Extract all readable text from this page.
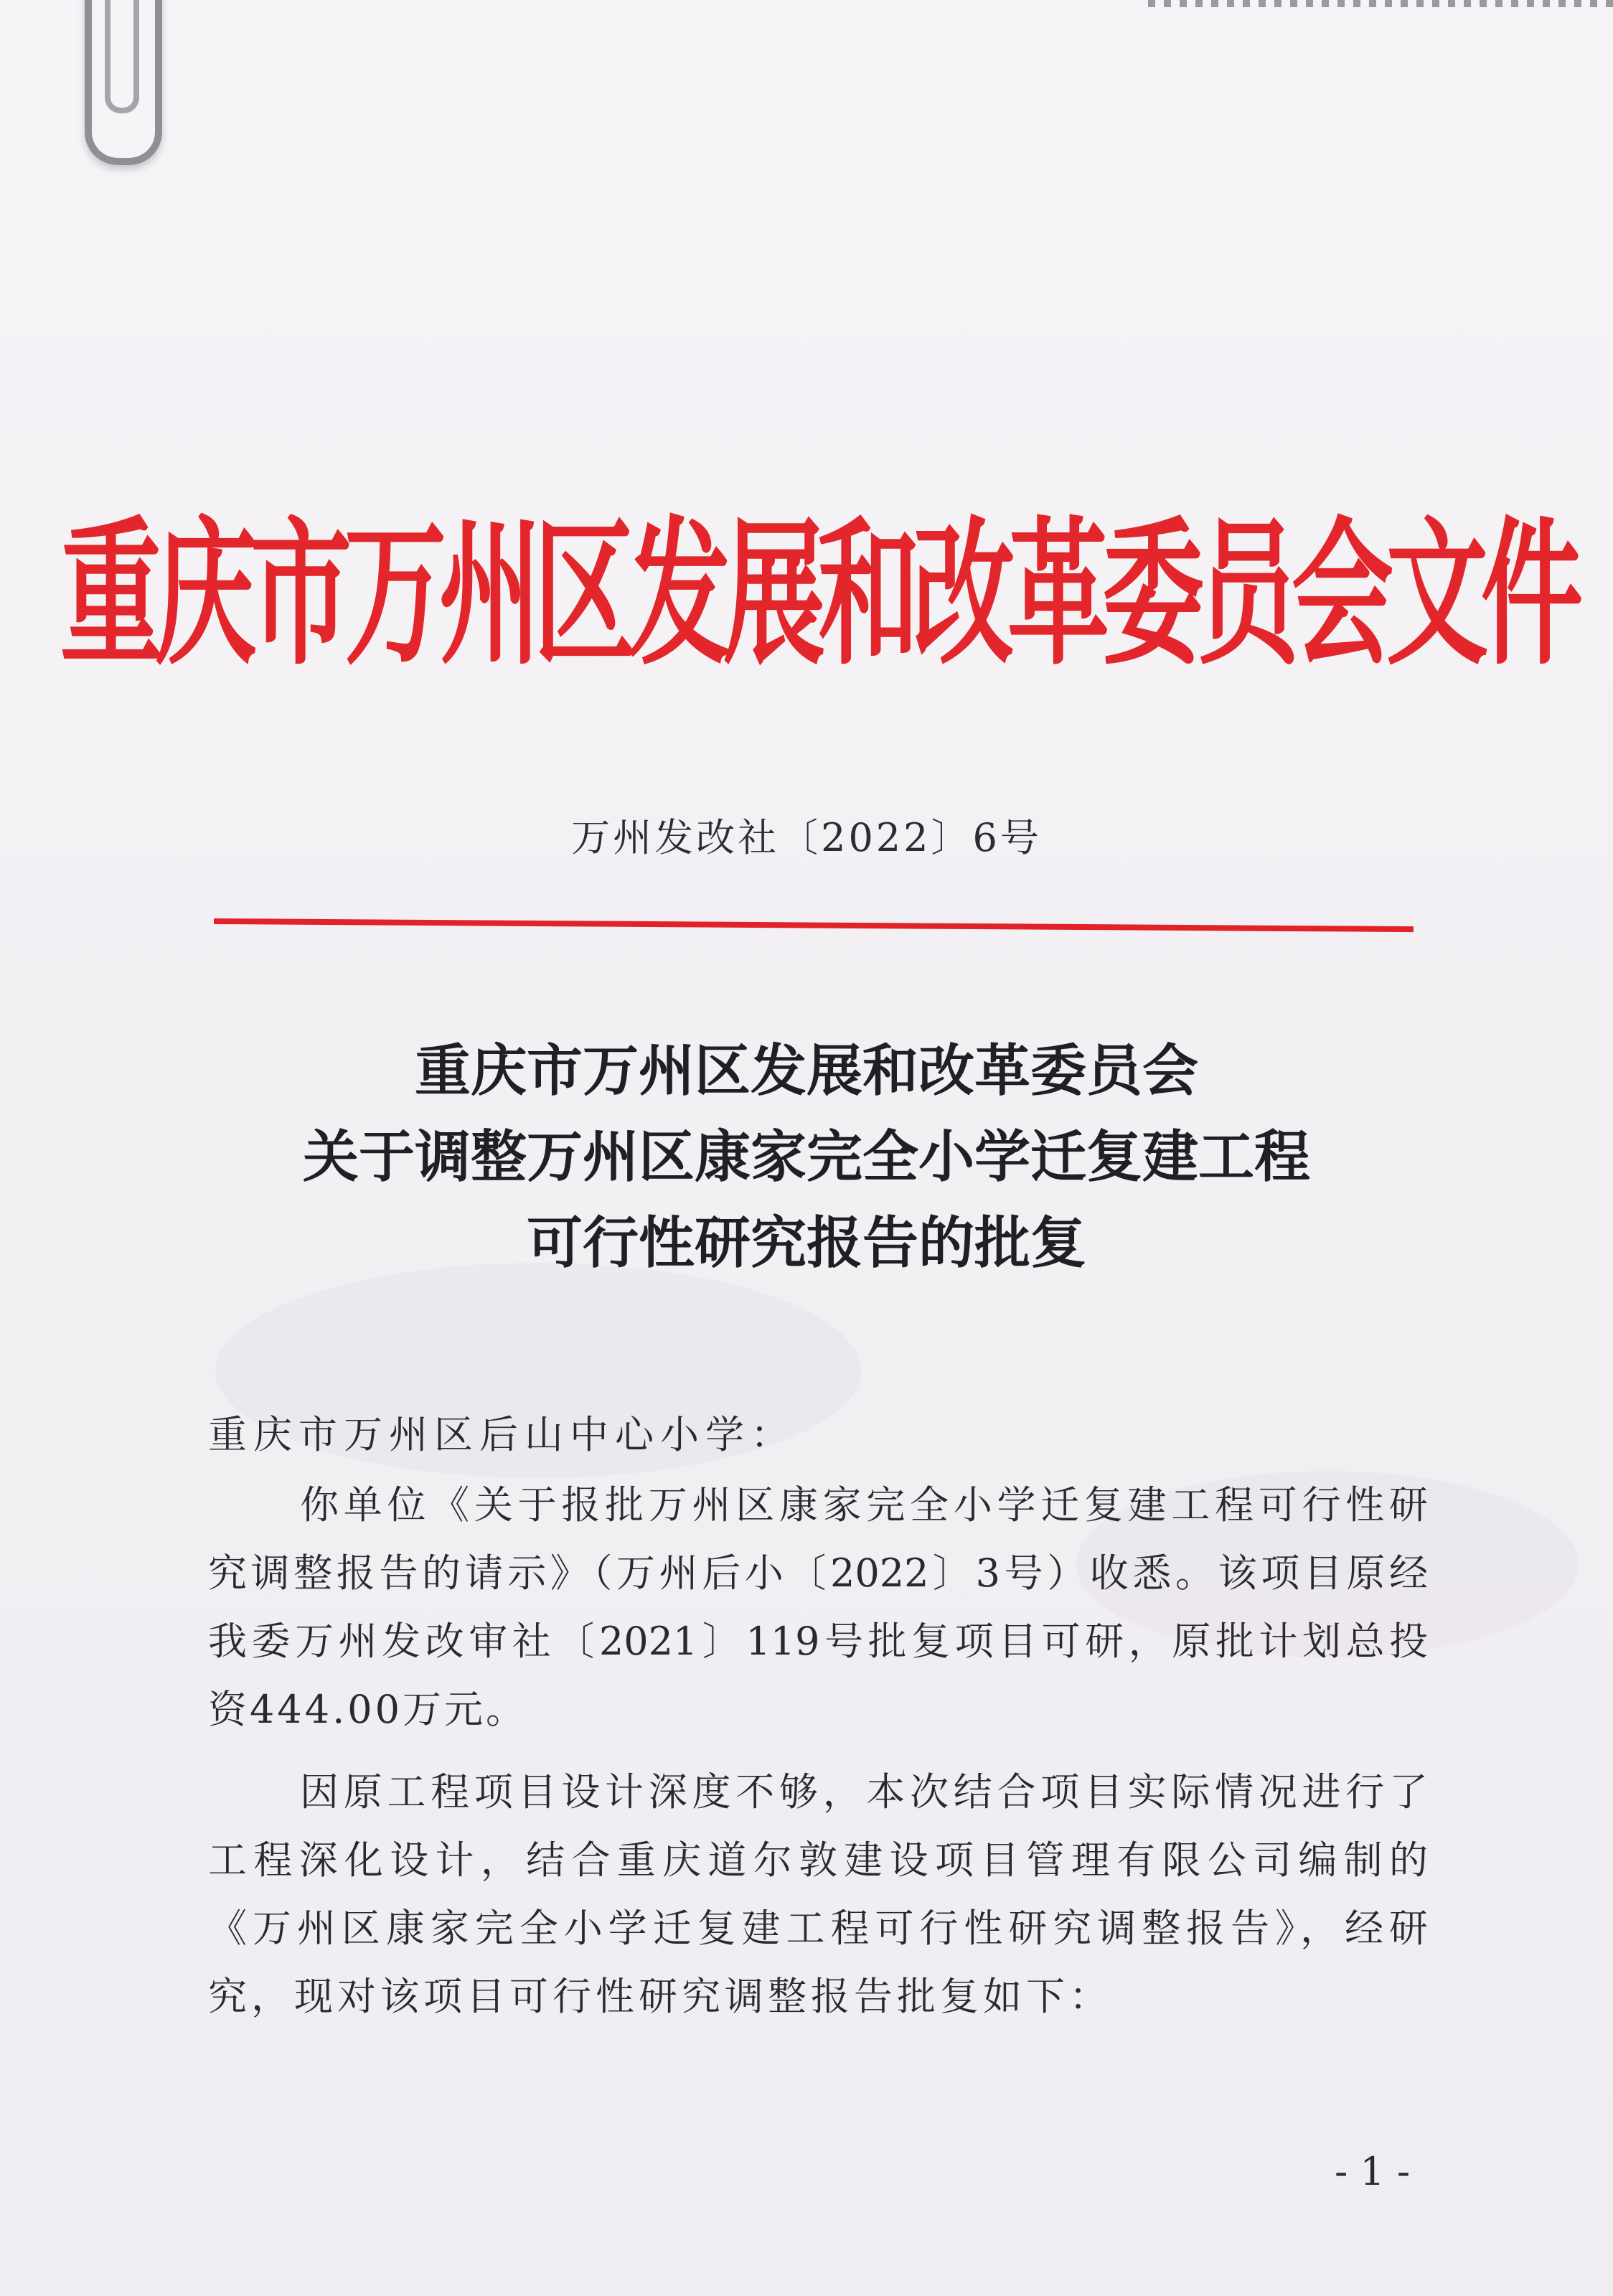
重庆市万州区发展和改革委员会文件
万州发改社〔2022〕6号
重庆市万州区发展和改革委员会
关于调整万州区康家完全小学迁复建工程
可行性研究报告的批复
重庆市万州区后山中心小学：
你单位《关于报批万州区康家完全小学迁复建工程可行性研
究调整报告的请示》（万州后小〔2022〕3号）收悉。该项目原经
我委万州发改审社〔2021〕119号批复项目可研，原批计划总投
资444.00万元。
因原工程项目设计深度不够，本次结合项目实际情况进行了
工程深化设计，结合重庆道尔敦建设项目管理有限公司编制的
《万州区康家完全小学迁复建工程可行性研究调整报告》，经研
究，现对该项目可行性研究调整报告批复如下：
- 1 -
